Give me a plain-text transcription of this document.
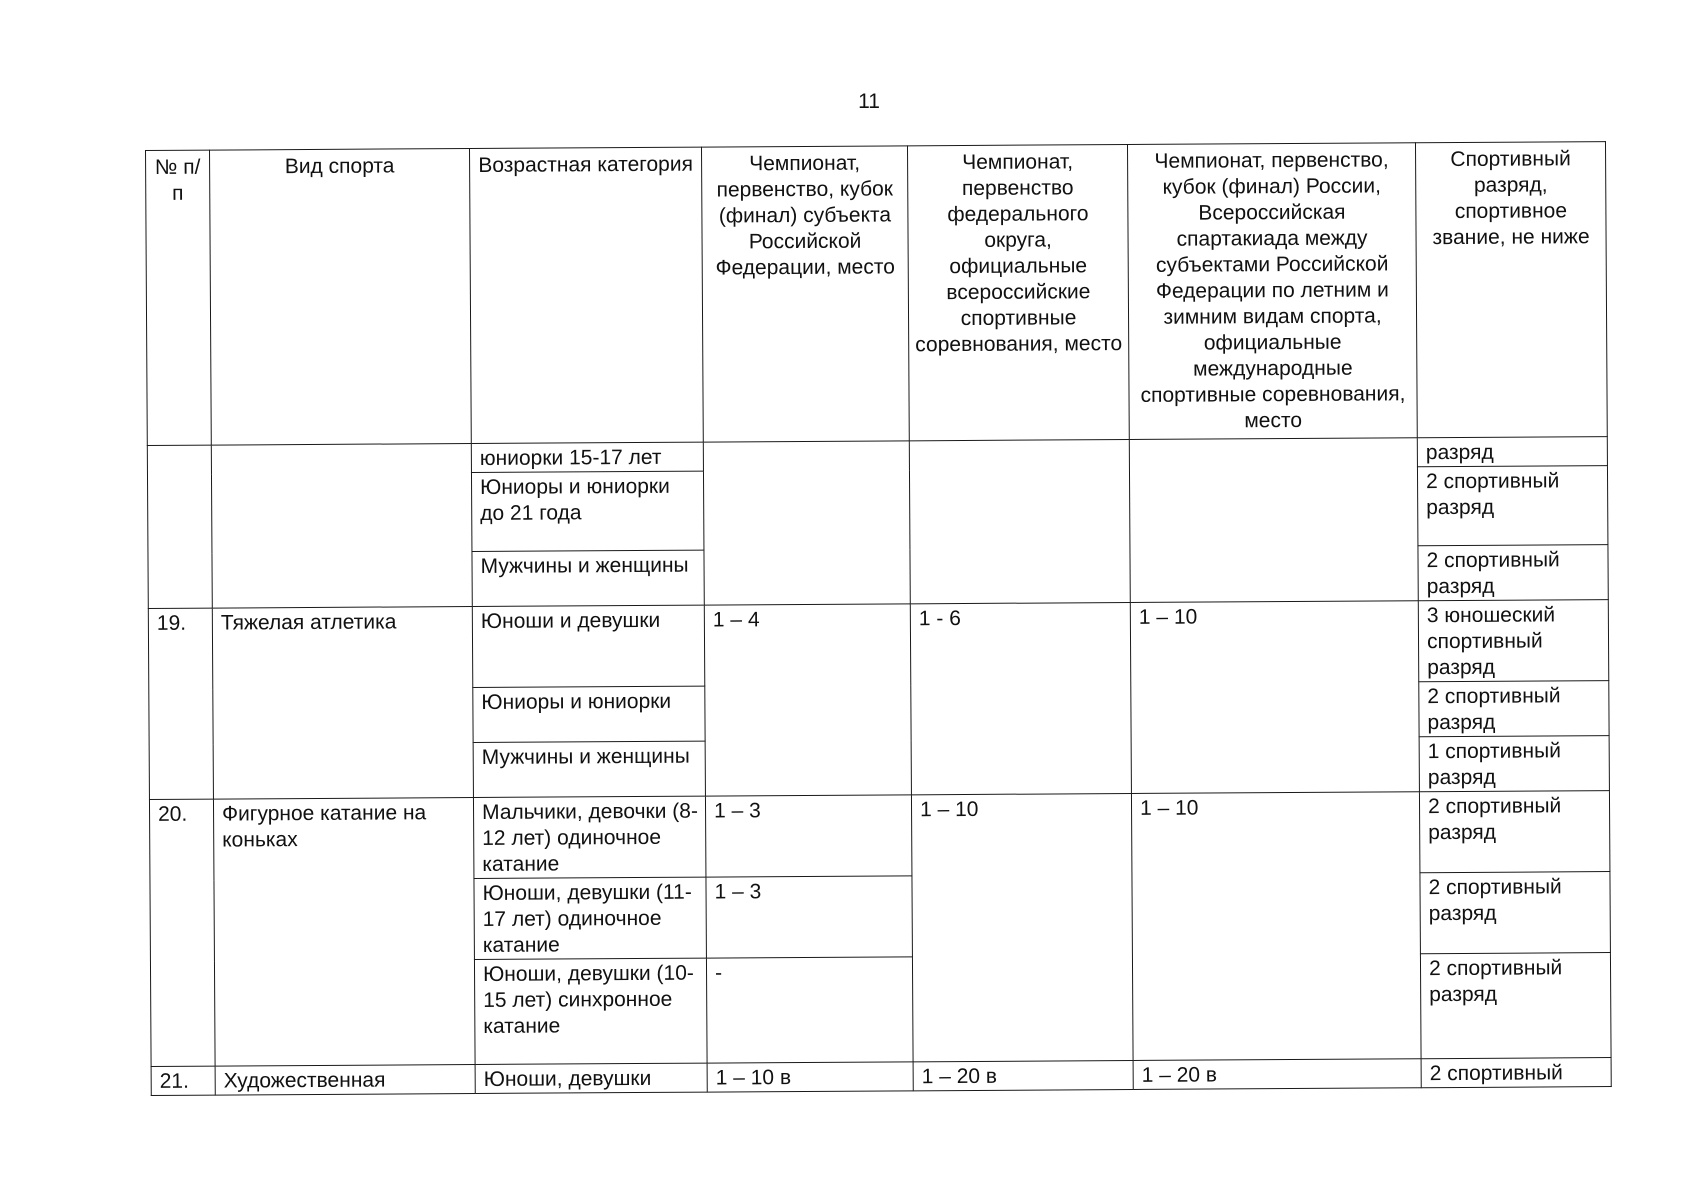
11
№ п/п	Вид спорта	Возрастная категория	Чемпионат, первенство, кубок (финал) субъекта Российской Федерации, место	Чемпионат, первенство федерального округа, официальные всероссийские спортивные соревнования, место	Чемпионат, первенство, кубок (финал) России, Всероссийская спартакиада между субъектами Российской Федерации по летним и зимним видам спорта, официальные международные спортивные соревнования, место	Спортивный разряд, спортивное звание, не ниже
		юниорки 15-17 лет				разряд
		Юниоры и юниорки до 21 года				2 спортивный разряд
		Мужчины и женщины				2 спортивный разряд
19.	Тяжелая атлетика	Юноши и девушки	1 – 4	1 - 6	1 – 10	3 юношеский спортивный разряд
		Юниоры и юниорки				2 спортивный разряд
		Мужчины и женщины				1 спортивный разряд
20.	Фигурное катание на коньках	Мальчики, девочки (8-12 лет) одиночное катание	1 – 3	1 – 10	1 – 10	2 спортивный разряд
		Юноши, девушки (11-17 лет) одиночное катание	1 – 3			2 спортивный разряд
		Юноши, девушки (10-15 лет) синхронное катание	-			2 спортивный разряд
21.	Художественная	Юноши, девушки	1 – 10 в	1 – 20 в	1 – 20 в	2 спортивный
